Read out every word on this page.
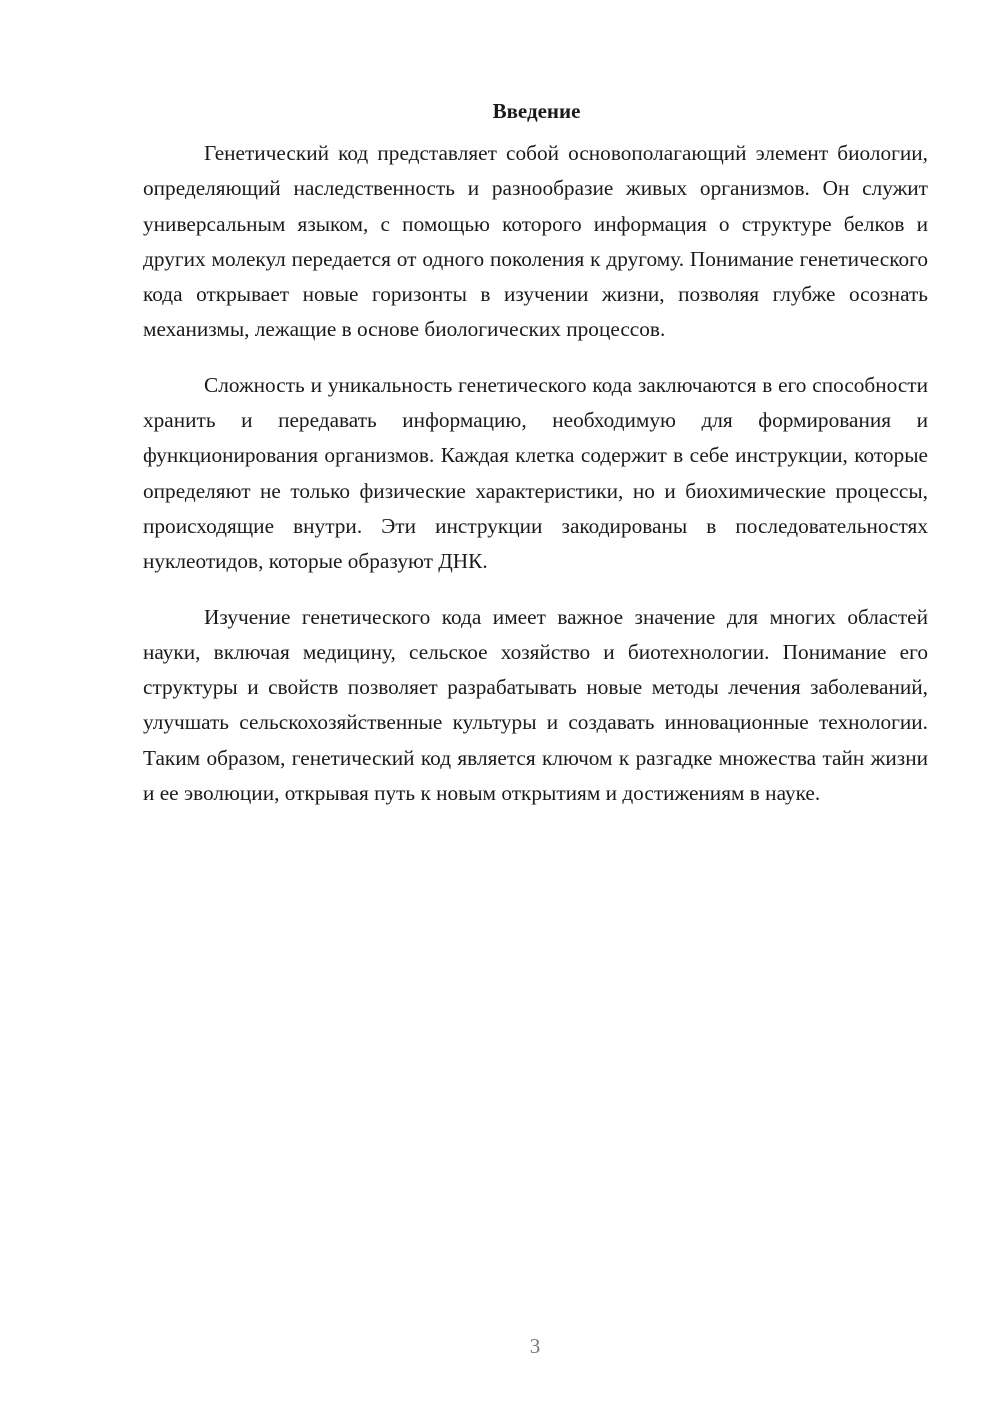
Введение

Генетический код представляет собой основополагающий элемент биологии, определяющий наследственность и разнообразие живых организмов. Он служит универсальным языком, с помощью которого информация о структуре белков и других молекул передается от одного поколения к другому. Понимание генетического кода открывает новые горизонты в изучении жизни, позволяя глубже осознать механизмы, лежащие в основе биологических процессов.

Сложность и уникальность генетического кода заключаются в его способности хранить и передавать информацию, необходимую для формирования и функционирования организмов. Каждая клетка содержит в себе инструкции, которые определяют не только физические характеристики, но и биохимические процессы, происходящие внутри. Эти инструкции закодированы в последовательностях нуклеотидов, которые образуют ДНК.

Изучение генетического кода имеет важное значение для многих областей науки, включая медицину, сельское хозяйство и биотехнологии. Понимание его структуры и свойств позволяет разрабатывать новые методы лечения заболеваний, улучшать сельскохозяйственные культуры и создавать инновационные технологии. Таким образом, генетический код является ключом к разгадке множества тайн жизни и ее эволюции, открывая путь к новым открытиям и достижениям в науке.

3
